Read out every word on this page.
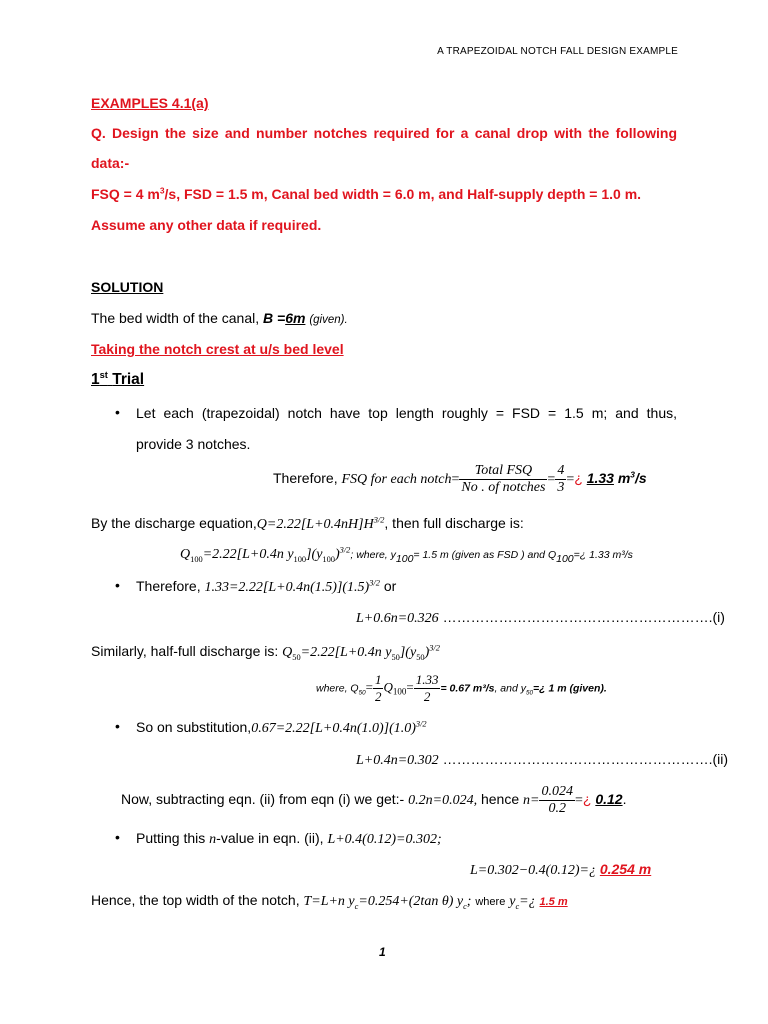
A TRAPEZOIDAL NOTCH FALL DESIGN EXAMPLE
EXAMPLES 4.1(a)
Q. Design the size and number notches required for a canal drop with the following
data:-
FSQ = 4 $m^3/s$, FSD = 1.5 m, Canal bed width = 6.0 m, and Half-supply depth = 1.0 m.
Assume any other data if required.
SOLUTION
The bed width of the canal, B =6m (given).
Taking the notch crest at u/s bed level
1st Trial
• Let each (trapezoidal) notch have top length roughly = FSD = 1.5 m; and thus,
provide 3 notches.
Therefore, FSQ for each notch= $\frac{\text{Total FSQ}}{\text{No . of notches}} = \frac{4}{3}$ =¿ 1.33 $m^3/s$
By the discharge $equation,Q=2.22[L+0.4nH]H^{3/2}$, then full discharge is:
$Q_{100}=2.22[L+0.4n$ $y_{100}](y_{100})^{3/2}$; where, $y_{100}= 1.5$ m (given as FSD ) and $Q_{100}=¿$ 1.33 m³/s
• Therefore, $1.33=2.22[L+0.4n(1.5)](1.5)^{3/2}$ or
L+0.6n=0.326 ………………………………………………….(i)
Similarly, half-full discharge is: $Q_{50}=2.22[L+0.4n$ $y_{50}](y_{50})^{3/2}$
where, $Q_{50}= \frac{1}{2} Q_{100}= \frac{1.33}{2} = 0.67$ m³/s, and $y_{50}=¿$ 1 m (given).
• So on $substitution,0.67=2.22[L+0.4n(1.0)](1.0)^{3/2}$
L+0.4n=0.302 ………………………………………………….(ii)
Now, subtracting eqn. (ii) from eqn (i) we get:- 0.2n=0.024, hence $n= \frac{0.024}{0.2}$ =¿ 0.12.
• Putting this n-value in eqn. (ii), L+0.4(0.12)=0.302;
L=0.302−0.4(0.12)=¿ 0.254 m
Hence, the top width of the notch, T=L+n $y_c=0.254+(2\tan$ θ) $y_c$; where $y_c=¿$ 1.5 m
1
